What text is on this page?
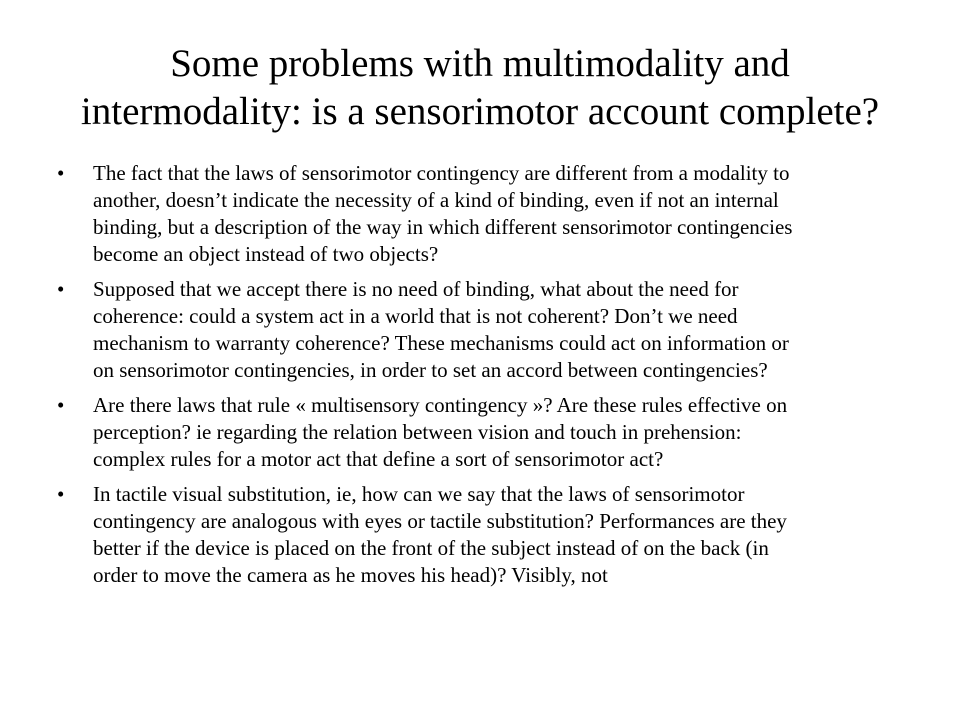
Some problems with multimodality and
intermodality: is a sensorimotor account complete?
• The fact that the laws of sensorimotor contingency are different from a modality to
another, doesn’t indicate the necessity of a kind of binding, even if not an internal
binding, but a description of the way in which different sensorimotor contingencies
become an object instead of two objects?
• Supposed that we accept there is no need of binding, what about the need for
coherence: could a system act in a world that is not coherent? Don’t we need
mechanism to warranty coherence? These mechanisms could act on information or
on sensorimotor contingencies, in order to set an accord between contingencies?
• Are there laws that rule « multisensory contingency »? Are these rules effective on
perception? ie regarding the relation between vision and touch in prehension:
complex rules for a motor act that define a sort of sensorimotor act?
• In tactile visual substitution, ie, how can we say that the laws of sensorimotor
contingency are analogous with eyes or tactile substitution? Performances are they
better if the device is placed on the front of the subject instead of on the back (in
order to move the camera as he moves his head)? Visibly, not
